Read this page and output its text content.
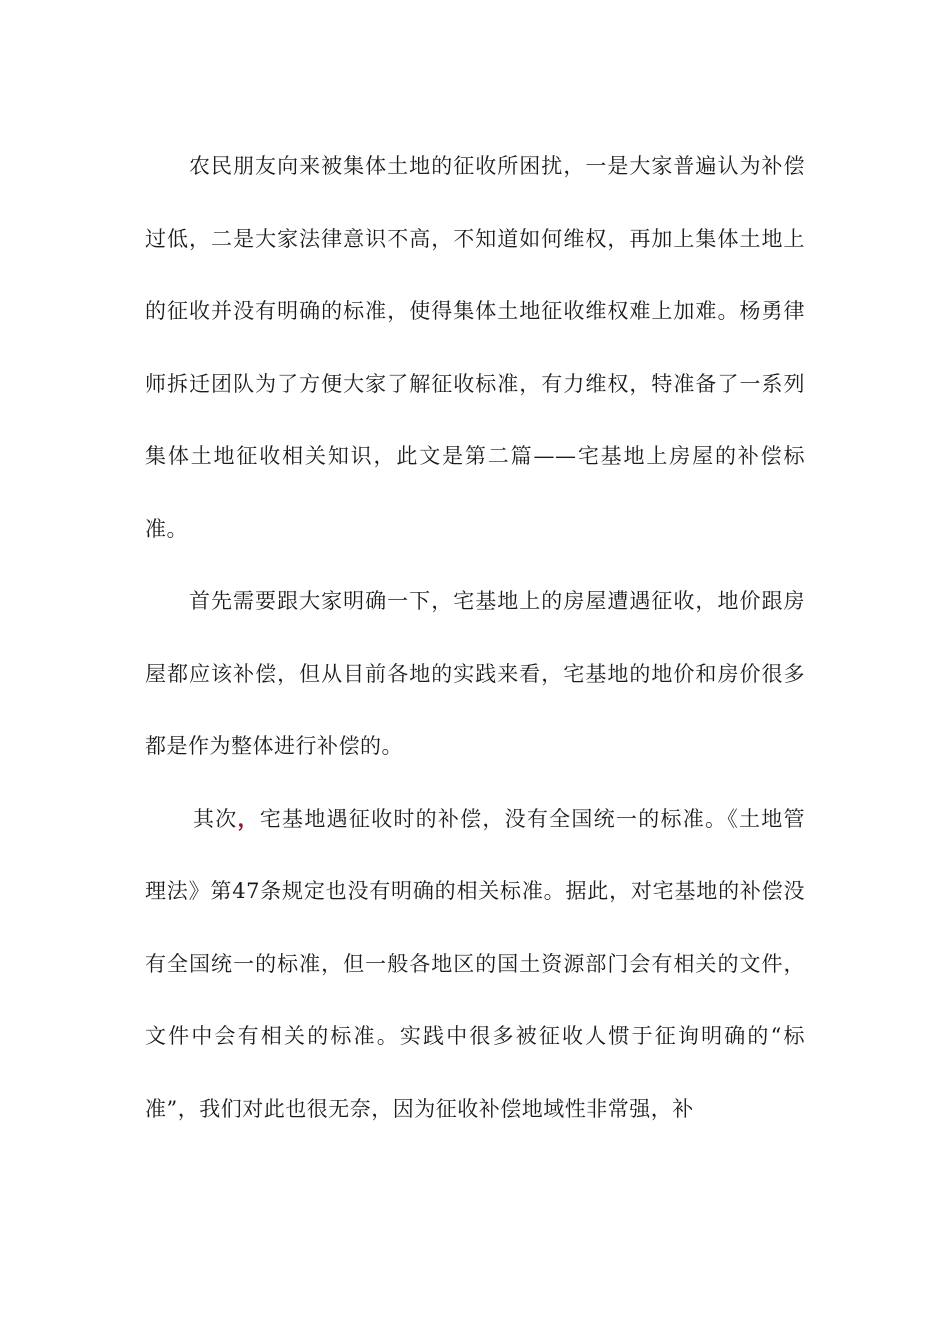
农民朋友向来被集体土地的征收所困扰，一是大家普遍认为补偿过低，二是大家法律意识不高，不知道如何维权，再加上集体土地上的征收并没有明确的标准，使得集体土地征收维权难上加难。杨勇律师拆迁团队为了方便大家了解征收标准，有力维权，特准备了一系列集体土地征收相关知识，此文是第二篇——宅基地上房屋的补偿标准。

首先需要跟大家明确一下，宅基地上的房屋遭遇征收，地价跟房屋都应该补偿，但从目前各地的实践来看，宅基地的地价和房价很多都是作为整体进行补偿的。

其次，宅基地遇征收时的补偿，没有全国统一的标准。《土地管理法》第47条规定也没有明确的相关标准。据此，对宅基地的补偿没有全国统一的标准，但一般各地区的国土资源部门会有相关的文件，文件中会有相关的标准。实践中很多被征收人惯于征询明确的“标准”，我们对此也很无奈，因为征收补偿地域性非常强，补
